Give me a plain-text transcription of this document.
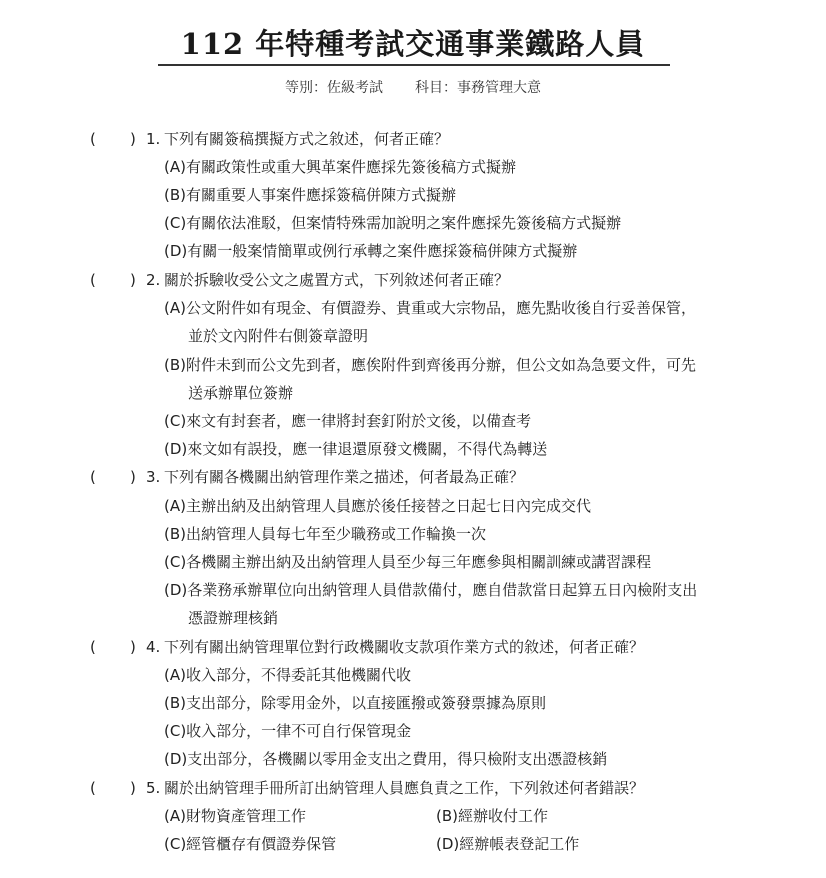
112 年特種考試交通事業鐵路人員
等別：佐級考試 科目：事務管理大意
( ) 1. 下列有關簽稿撰擬方式之敘述，何者正確？
(A)有關政策性或重大興革案件應採先簽後稿方式擬辦
(B)有關重要人事案件應採簽稿併陳方式擬辦
(C)有關依法准駁，但案情特殊需加說明之案件應採先簽後稿方式擬辦
(D)有關一般案情簡單或例行承轉之案件應採簽稿併陳方式擬辦
( ) 2. 關於拆驗收受公文之處置方式，下列敘述何者正確？
(A)公文附件如有現金、有價證券、貴重或大宗物品，應先點收後自行妥善保管，
並於文內附件右側簽章證明
(B)附件未到而公文先到者，應俟附件到齊後再分辦，但公文如為急要文件，可先
送承辦單位簽辦
(C)來文有封套者，應一律將封套釘附於文後，以備查考
(D)來文如有誤投，應一律退還原發文機關，不得代為轉送
( ) 3. 下列有關各機關出納管理作業之描述，何者最為正確？
(A)主辦出納及出納管理人員應於後任接替之日起七日內完成交代
(B)出納管理人員每七年至少職務或工作輪換一次
(C)各機關主辦出納及出納管理人員至少每三年應參與相關訓練或講習課程
(D)各業務承辦單位向出納管理人員借款備付，應自借款當日起算五日內檢附支出
憑證辦理核銷
( ) 4. 下列有關出納管理單位對行政機關收支款項作業方式的敘述，何者正確？
(A)收入部分，不得委託其他機關代收
(B)支出部分，除零用金外，以直接匯撥或簽發票據為原則
(C)收入部分，一律不可自行保管現金
(D)支出部分，各機關以零用金支出之費用，得只檢附支出憑證核銷
( ) 5. 關於出納管理手冊所訂出納管理人員應負責之工作，下列敘述何者錯誤？
(A)財物資產管理工作	(B)經辦收付工作
(C)經管櫃存有價證券保管	(D)經辦帳表登記工作
